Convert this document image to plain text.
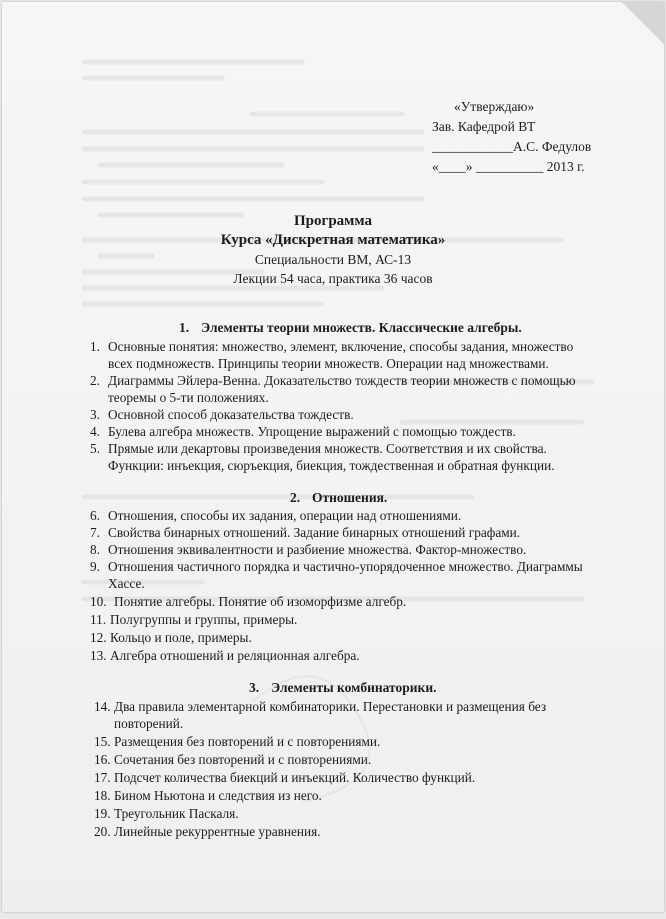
«Утверждаю»
Зав. Кафедрой ВТ
____________А.С. Федулов
«____» __________ 2013 г.
Программа
Курса «Дискретная математика»
Специальности ВМ, АС-13
Лекции 54 часа, практика 36 часов
1. Элементы теории множеств. Классические алгебры.
1. Основные понятия: множество, элемент, включение, способы задания, множество всех подмножеств. Принципы теории множеств. Операции над множествами.
2. Диаграммы Эйлера-Венна. Доказательство тождеств теории множеств с помощью теоремы о 5-ти положениях.
3. Основной способ доказательства тождеств.
4. Булева алгебра множеств. Упрощение выражений с помощью тождеств.
5. Прямые или декартовы произведения множеств. Соответствия и их свойства. Функции: инъекция, сюръекция, биекция, тождественная и обратная функции.
2. Отношения.
6. Отношения, способы их задания, операции над отношениями.
7. Свойства бинарных отношений. Задание бинарных отношений графами.
8. Отношения эквивалентности и разбиение множества. Фактор-множество.
9. Отношения частичного порядка и частично-упорядоченное множество. Диаграммы Хассе.
10. Понятие алгебры. Понятие об изоморфизме алгебр.
11. Полугруппы и группы, примеры.
12. Кольцо и поле, примеры.
13. Алгебра отношений и реляционная алгебра.
3. Элементы комбинаторики.
14. Два правила элементарной комбинаторики. Перестановки и размещения без повторений.
15. Размещения без повторений и с повторениями.
16. Сочетания без повторений и с повторениями.
17. Подсчет количества биекций и инъекций. Количество функций.
18. Бином Ньютона и следствия из него.
19. Треугольник Паскаля.
20. Линейные рекуррентные уравнения.
